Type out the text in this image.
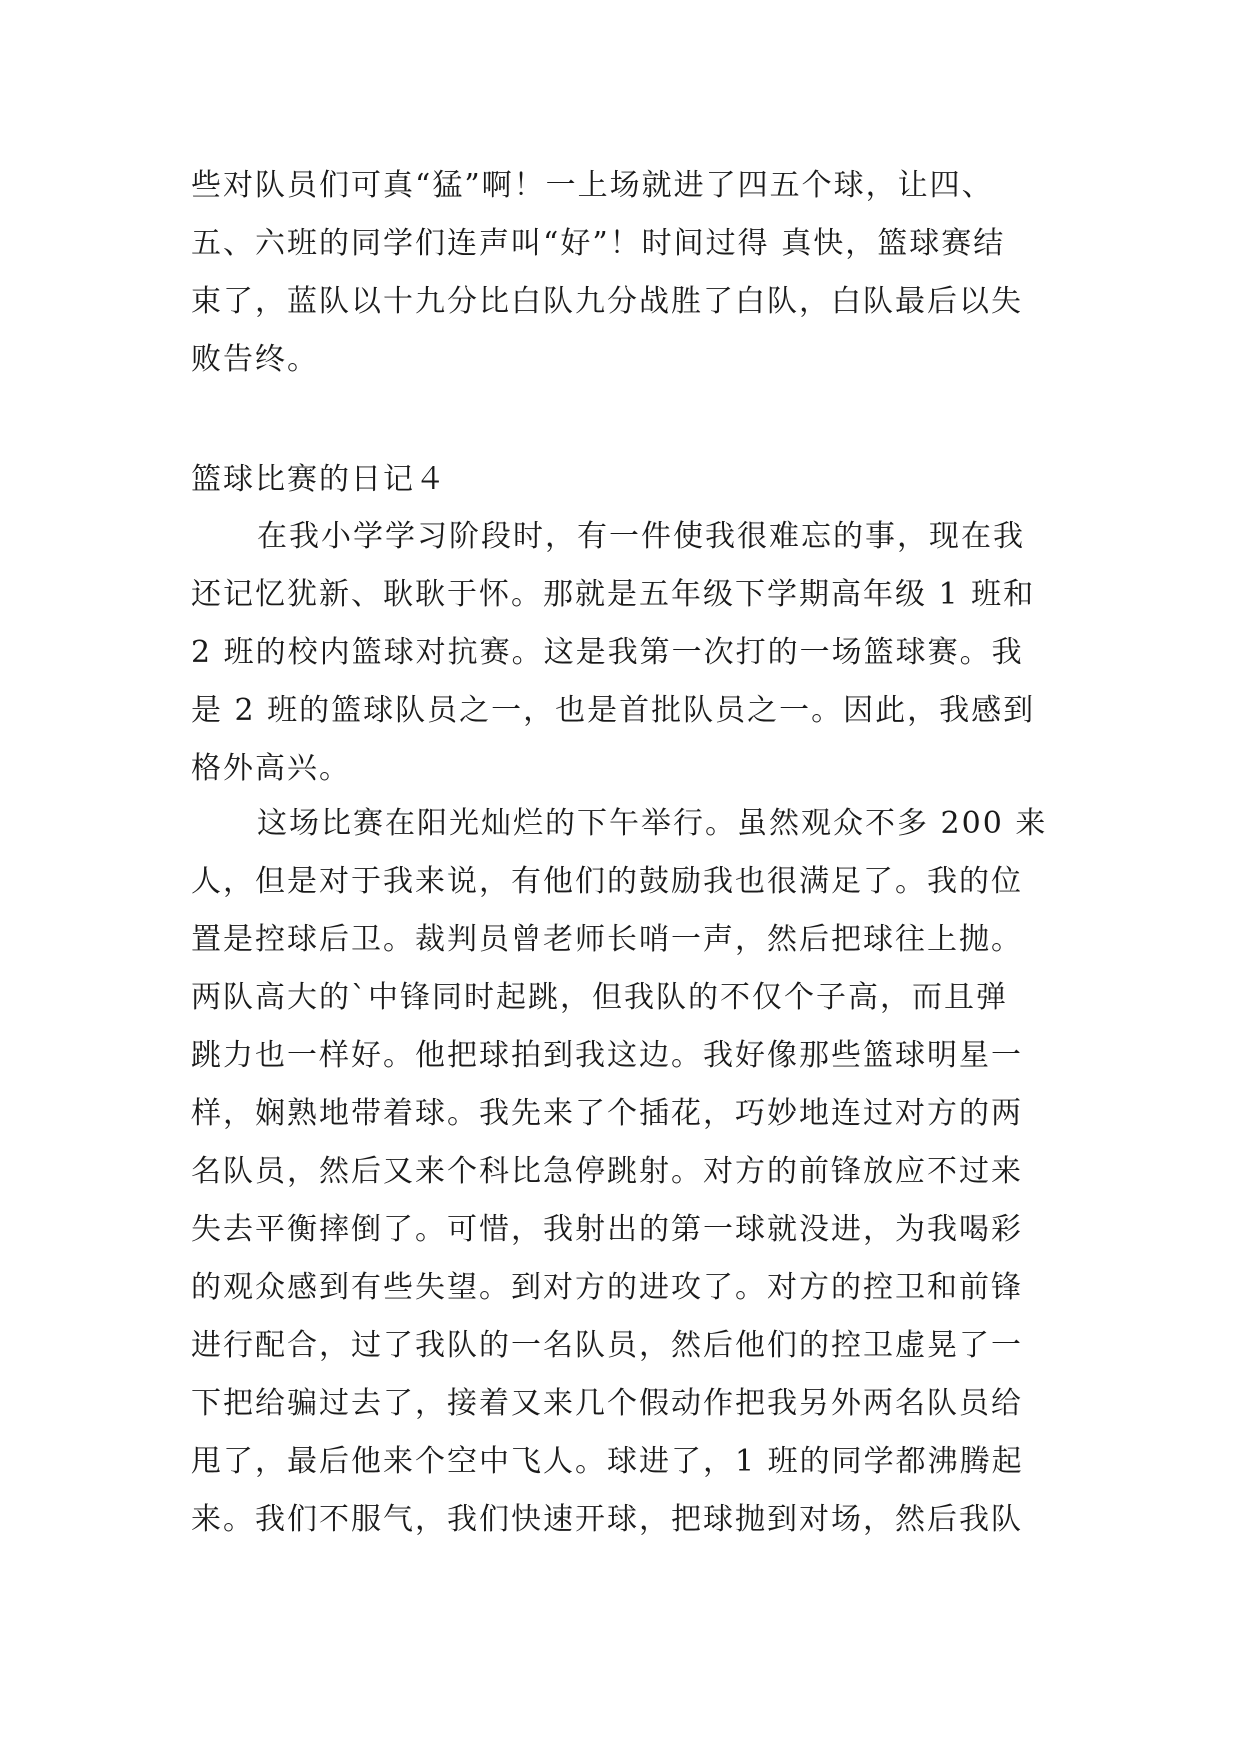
些对队员们可真“猛”啊！一上场就进了四五个球，让四、
五、六班的同学们连声叫“好”！时间过得 真快，篮球赛结
束了，蓝队以十九分比白队九分战胜了白队，白队最后以失
败告终。
篮球比赛的日记４
在我小学学习阶段时，有一件使我很难忘的事，现在我
还记忆犹新、耿耿于怀。那就是五年级下学期高年级 1 班和
2 班的校内篮球对抗赛。这是我第一次打的一场篮球赛。我
是 2 班的篮球队员之一，也是首批队员之一。因此，我感到
格外高兴。
这场比赛在阳光灿烂的下午举行。虽然观众不多 200 来
人，但是对于我来说，有他们的鼓励我也很满足了。我的位
置是控球后卫。裁判员曾老师长哨一声，然后把球往上抛。
两队高大的`中锋同时起跳，但我队的不仅个子高，而且弹
跳力也一样好。他把球拍到我这边。我好像那些篮球明星一
样，娴熟地带着球。我先来了个插花，巧妙地连过对方的两
名队员，然后又来个科比急停跳射。对方的前锋放应不过来
失去平衡摔倒了。可惜，我射出的第一球就没进，为我喝彩
的观众感到有些失望。到对方的进攻了。对方的控卫和前锋
进行配合，过了我队的一名队员，然后他们的控卫虚晃了一
下把给骗过去了，接着又来几个假动作把我另外两名队员给
甩了，最后他来个空中飞人。球进了，1 班的同学都沸腾起
来。我们不服气，我们快速开球，把球抛到对场，然后我队
